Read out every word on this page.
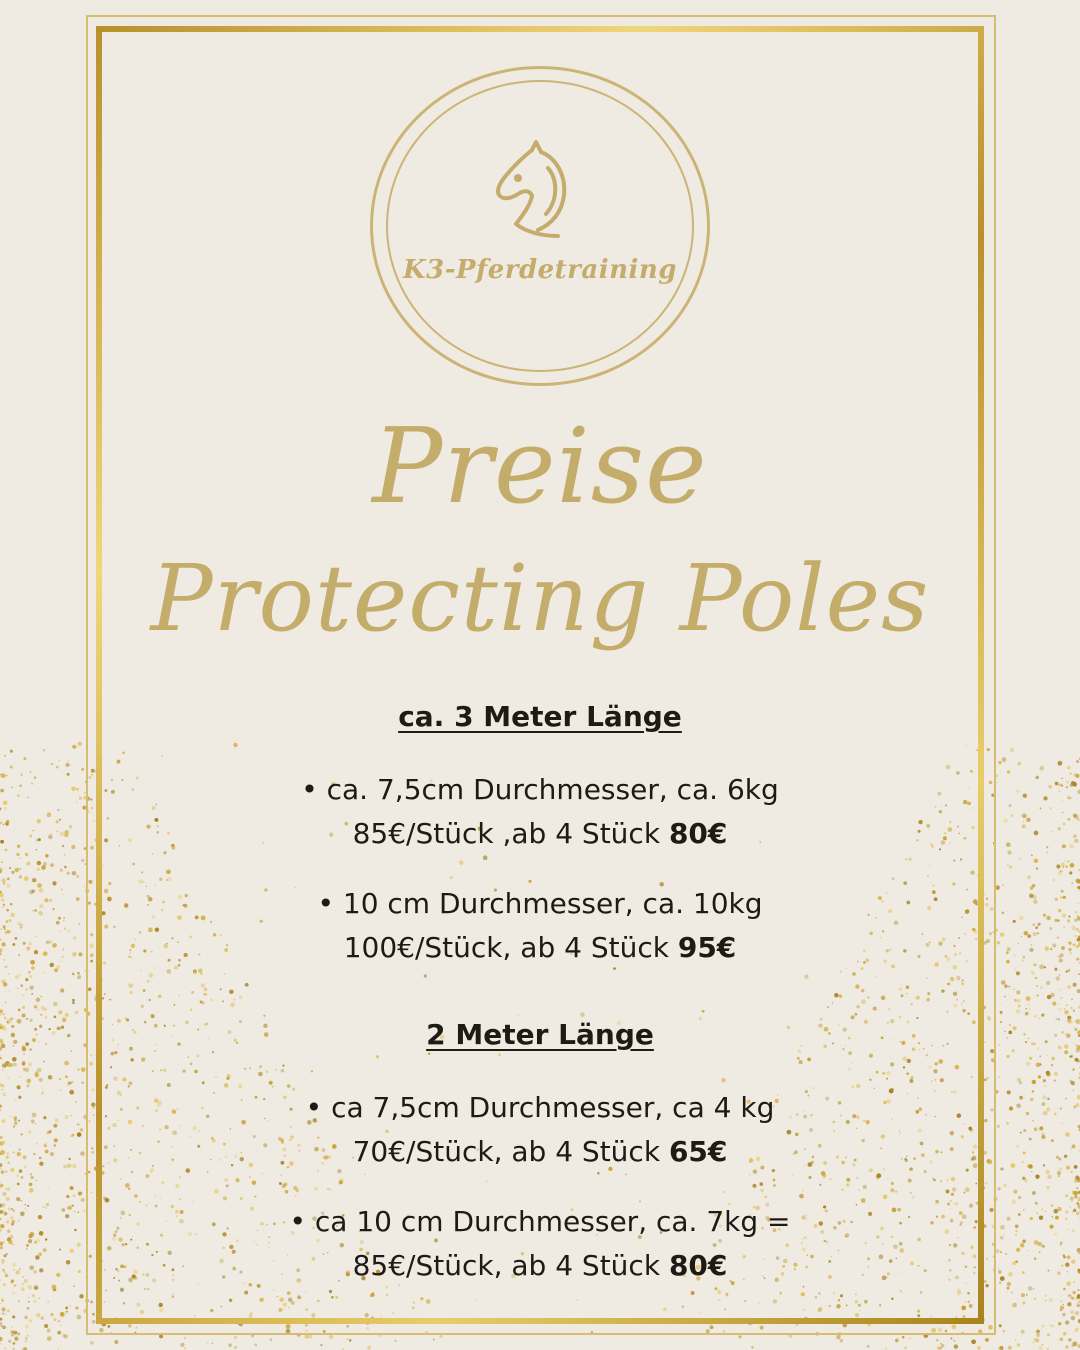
K3-Pferdetraining
Preise
Protecting Poles
ca. 3 Meter Länge
• ca. 7,5cm Durchmesser, ca. 6kg
85€/Stück ,ab 4 Stück 80€
• 10 cm Durchmesser, ca. 10kg
100€/Stück, ab 4 Stück 95€
2 Meter Länge
• ca 7,5cm Durchmesser, ca 4 kg
70€/Stück, ab 4 Stück 65€
• ca 10 cm Durchmesser, ca. 7kg =
85€/Stück, ab 4 Stück 80€
